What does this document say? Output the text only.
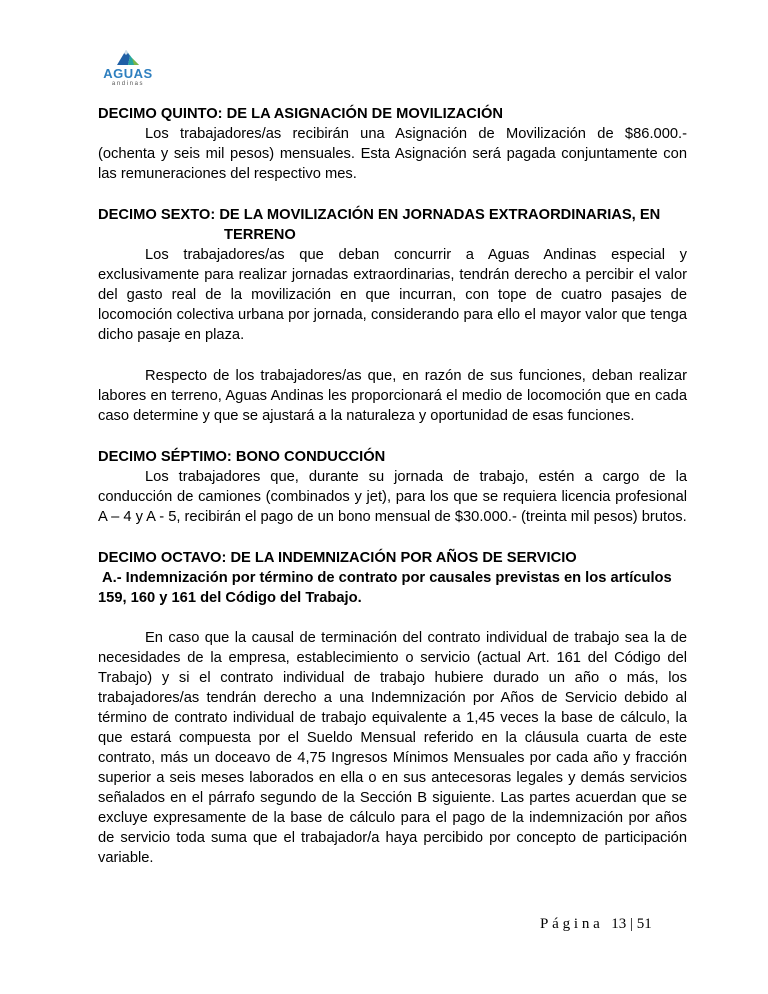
AGUAS
andinas

DECIMO QUINTO: DE LA ASIGNACIÓN DE MOVILIZACIÓN

Los trabajadores/as recibirán una Asignación de Movilización de $86.000.- (ochenta y seis mil pesos) mensuales. Esta Asignación será pagada conjuntamente con las remuneraciones del respectivo mes.

DECIMO SEXTO: DE LA MOVILIZACIÓN EN JORNADAS EXTRAORDINARIAS, EN

TERRENO

Los trabajadores/as que deban concurrir a Aguas Andinas especial y exclusivamente para realizar jornadas extraordinarias, tendrán derecho a percibir el valor del gasto real de la movilización en que incurran, con tope de cuatro pasajes de locomoción colectiva urbana por jornada, considerando para ello el mayor valor que tenga dicho pasaje en plaza.

Respecto de los trabajadores/as que, en razón de sus funciones, deban realizar labores en terreno, Aguas Andinas les proporcionará el medio de locomoción que en cada caso determine y que se ajustará a la naturaleza y oportunidad de esas funciones.

DECIMO SÉPTIMO: BONO CONDUCCIÓN

Los trabajadores que, durante su jornada de trabajo, estén a cargo de la conducción de camiones (combinados y jet), para los que se requiera licencia profesional A – 4 y A - 5, recibirán el pago de un bono mensual de $30.000.- (treinta mil pesos) brutos.

DECIMO OCTAVO: DE LA INDEMNIZACIÓN POR AÑOS DE SERVICIO

A.- Indemnización por término de contrato por causales previstas en los artículos 159, 160 y 161 del Código del Trabajo.

En caso que la causal de terminación del contrato individual de trabajo sea la de necesidades de la empresa, establecimiento o servicio (actual Art. 161 del Código del Trabajo) y si el contrato individual de trabajo hubiere durado un año o más, los trabajadores/as tendrán derecho a una Indemnización por Años de Servicio debido al término de contrato individual de trabajo equivalente a 1,45 veces la base de cálculo, la que estará compuesta por el Sueldo Mensual referido en la cláusula cuarta de este contrato, más un doceavo de 4,75 Ingresos Mínimos Mensuales por cada año y fracción superior a seis meses laborados en ella o en sus antecesoras legales y demás servicios señalados en el párrafo segundo de la Sección B siguiente. Las partes acuerdan que se excluye expresamente de la base de cálculo para el pago de la indemnización por años de servicio toda suma que el trabajador/a haya percibido por concepto de participación variable.

Página 13 | 51
